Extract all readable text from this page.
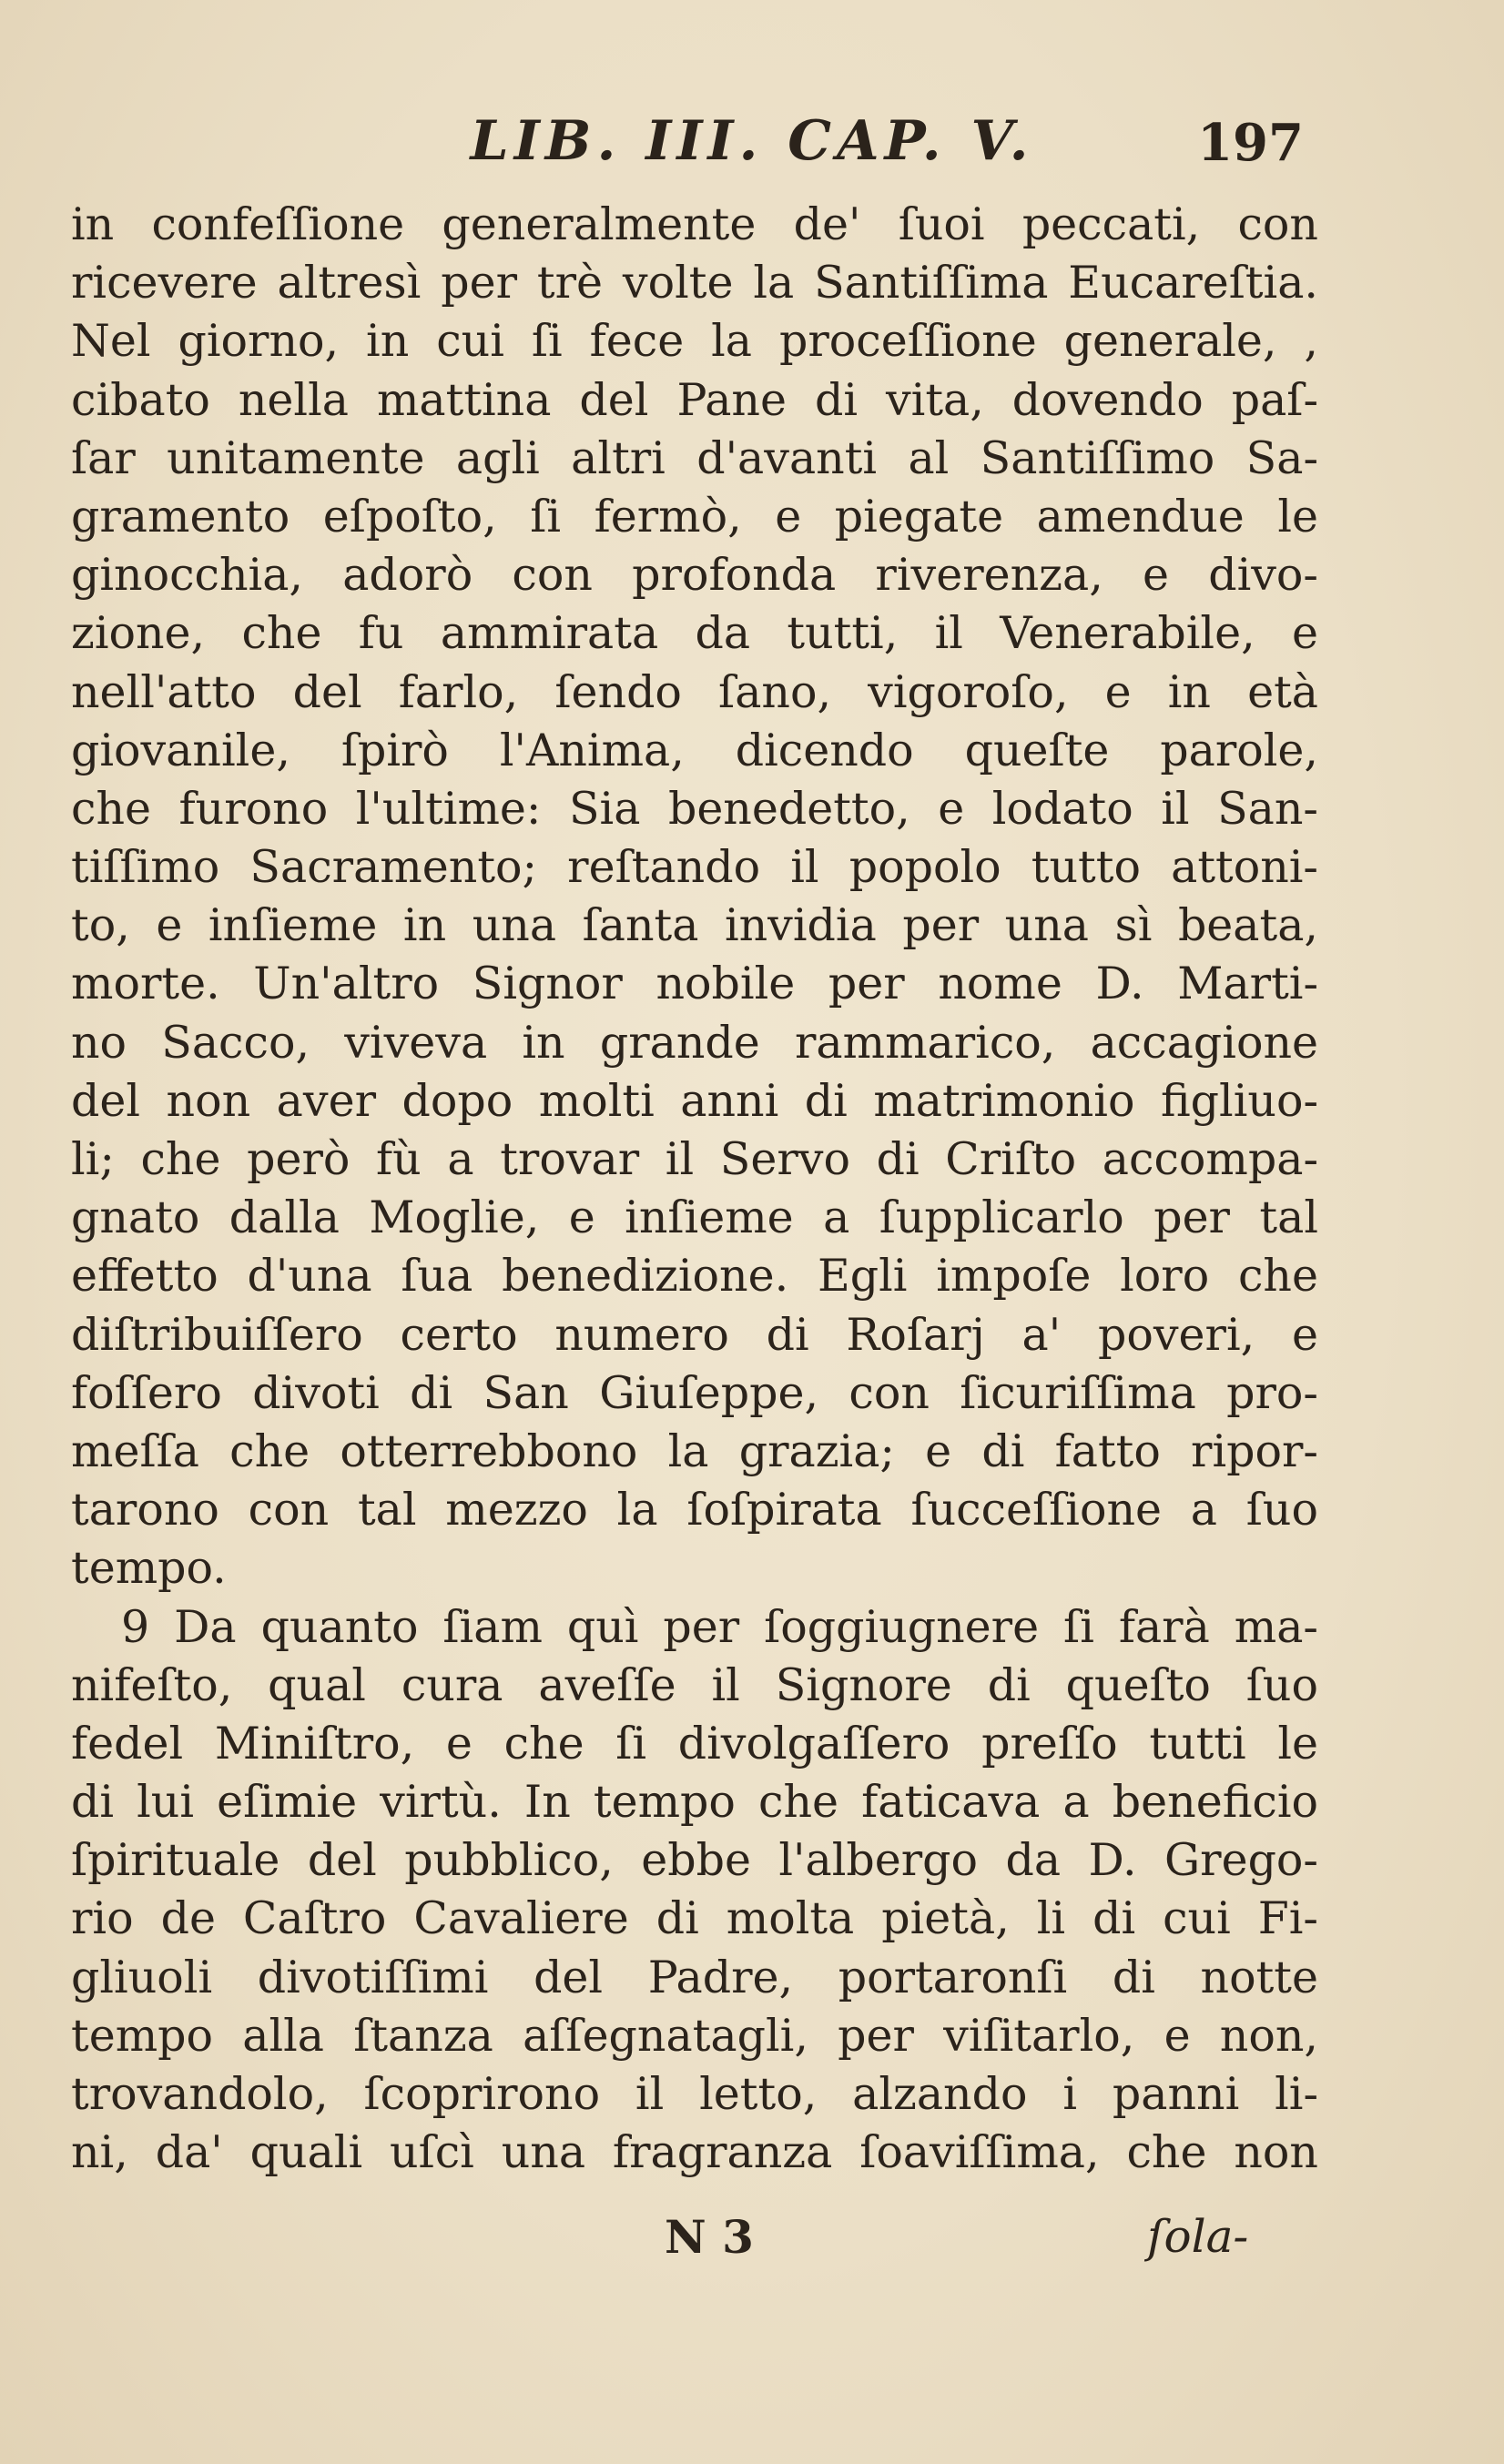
LIB. III. CAP. V.	197
in confeſſione generalmente de' ſuoi peccati, con
ricevere altresì per trè volte la Santiſſima Eucareſtia.
Nel giorno, in cui ſi fece la proceſſione generale, ,
cibato nella mattina del Pane di vita, dovendo paſ-
ſar unitamente agli altri d'avanti al Santiſſimo Sa-
gramento eſpoſto, ſi fermò, e piegate amendue le
ginocchia, adorò con profonda riverenza, e divo-
zione, che fu ammirata da tutti, il Venerabile, e
nell'atto del farlo, ſendo ſano, vigoroſo, e in età
giovanile, ſpirò l'Anima, dicendo queſte parole,
che furono l'ultime: Sia benedetto, e lodato il San-
tiſſimo Sacramento; reſtando il popolo tutto attoni-
to, e inſieme in una ſanta invidia per una sì beata,
morte. Un'altro Signor nobile per nome D. Marti-
no Sacco, viveva in grande rammarico, accagione
del non aver dopo molti anni di matrimonio figliuo-
li; che però fù a trovar il Servo di Criſto accompa-
gnato dalla Moglie, e inſieme a ſupplicarlo per tal
effetto d'una ſua benedizione. Egli impoſe loro che
diſtribuiſſero certo numero di Roſarj a' poveri, e
foſſero divoti di San Giuſeppe, con ſicuriſſima pro-
meſſa che otterrebbono la grazia; e di fatto ripor-
tarono con tal mezzo la ſoſpirata ſucceſſione a ſuo
tempo.
9 Da quanto ſiam quì per ſoggiugnere ſi farà ma-
nifeſto, qual cura aveſſe il Signore di queſto ſuo
fedel Miniſtro, e che ſi divolgaſſero preſſo tutti le
di lui eſimie virtù. In tempo che faticava a beneficio
ſpirituale del pubblico, ebbe l'albergo da D. Grego-
rio de Caſtro Cavaliere di molta pietà, li di cui Fi-
gliuoli divotiſſimi del Padre, portaronſi di notte
tempo alla ſtanza aſſegnatagli, per viſitarlo, e non,
trovandolo, ſcoprirono il letto, alzando i panni li-
ni, da' quali uſcì una fragranza ſoaviſſima, che non
N 3	ſola-
